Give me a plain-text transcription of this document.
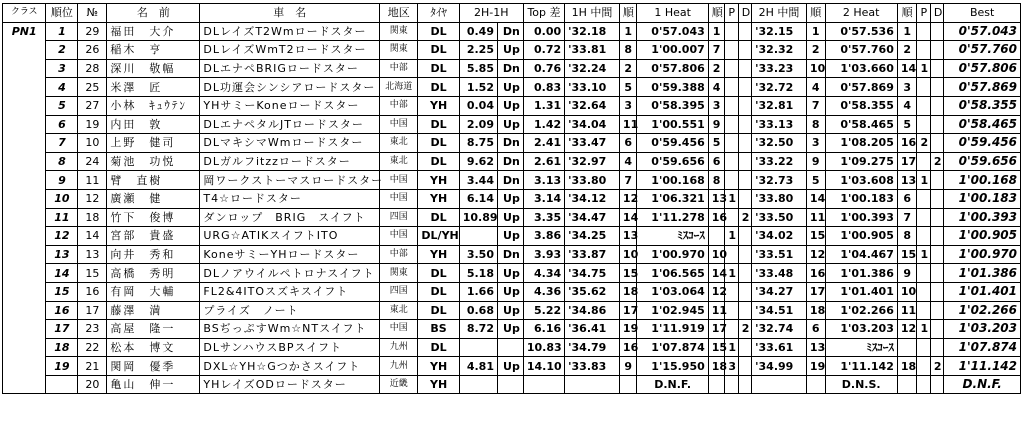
クラス	順位	№	名　前	車　名	地区	ﾀｲﾔ	2H-1H		Top 差	1H 中間	順	1 Heat	順	P	D	2H 中間	順	2 Heat	順	P	D	Best
PN1	1	29	福田　大介	DLレイズT2Wmロードスター	関東	DL	0.49	Dn	0.00	'32.18	1	0'57.043	1			'32.15	1	0'57.536	1			0'57.043
	2	26	稲木　亨	DLレイズWmT2ロードスター	関東	DL	2.25	Up	0.72	'33.81	8	1'00.007	7			'32.32	2	0'57.760	2			0'57.760
	3	28	深川　敬幅	DLエナペBRIGロードスター	中部	DL	5.85	Dn	0.76	'32.24	2	0'57.806	2			'33.23	10	1'03.660	14	1		0'57.806
	4	25	米澤　匠	DL功運会シンシアロードスター	北海道	DL	1.52	Up	0.83	'33.10	5	0'59.388	4			'32.72	4	0'57.869	3			0'57.869
	5	27	小林　ｷｭｳﾃﾝ	YHサミーKoneロードスター	中部	YH	0.04	Up	1.31	'32.64	3	0'58.395	3			'32.81	7	0'58.355	4			0'58.355
	6	19	内田　敦	DLエナペタルJTロードスター	中国	DL	2.09	Up	1.42	'34.04	11	1'00.551	9			'33.13	8	0'58.465	5			0'58.465
	7	10	上野　健司	DLマキシマWmロードスター	東北	DL	8.75	Dn	2.41	'33.47	6	0'59.456	5			'32.50	3	1'08.205	16	2		0'59.456
	8	24	菊池　功悦	DLガルフitzzロードスター	東北	DL	9.62	Dn	2.61	'32.97	4	0'59.656	6			'33.22	9	1'09.275	17		2	0'59.656
	9	11	臂　直樹	岡ワークストーマスロードスター	中国	YH	3.44	Dn	3.13	'33.80	7	1'00.168	8			'32.73	5	1'03.608	13	1		1'00.168
	10	12	廣瀬　健	T4☆ロードスター	中国	YH	6.14	Up	3.14	'34.12	12	1'06.321	13	1		'33.80	14	1'00.183	6			1'00.183
	11	18	竹下　俊博	ダンロップ　BRIG　スイフト	四国	DL	10.89	Up	3.35	'34.47	14	1'11.278	16		2	'33.50	11	1'00.393	7			1'00.393
	12	14	宮部　貴盛	URG☆ATIKスイフトITO	中国	DL/YH		Up	3.86	'34.25	13	ﾐｽｺｰｽ		1		'34.02	15	1'00.905	8			1'00.905
	13	13	向井　秀和	KoneサミーYHロードスター	中部	YH	3.50	Dn	3.93	'33.87	10	1'00.970	10			'33.51	12	1'04.467	15	1		1'00.970
	14	15	高橋　秀明	DLノアウイルペトロナスイフト	関東	DL	5.18	Up	4.34	'34.75	15	1'06.565	14	1		'33.48	16	1'01.386	9			1'01.386
	15	16	有岡　大輔	FL2&4ITOスズキスイフト	四国	DL	1.66	Up	4.36	'35.62	18	1'03.064	12			'34.27	17	1'01.401	10			1'01.401
	16	17	藤澤　満	プライズ　ノート	東北	DL	0.68	Up	5.22	'34.86	17	1'02.945	11			'34.51	18	1'02.266	11			1'02.266
	17	23	高屋　隆一	BSぢっぷすWm☆NTスイフト	中国	BS	8.72	Up	6.16	'36.41	19	1'11.919	17		2	'32.74	6	1'03.203	12	1		1'03.203
	18	22	松本　博文	DLサンハウスBPスイフト	九州	DL			10.83	'34.79	16	1'07.874	15	1		'33.61	13	ﾐｽｺｰｽ				1'07.874
	19	21	関岡　優季	DXL☆YH☆Gつかさスイフト	九州	YH	4.81	Up	14.10	'33.83	9	1'15.950	18	3		'34.99	19	1'11.142	18		2	1'11.142
		20	亀山　伸一	YHレイズODロードスター	近畿	YH						D.N.F.						D.N.S.				D.N.F.
